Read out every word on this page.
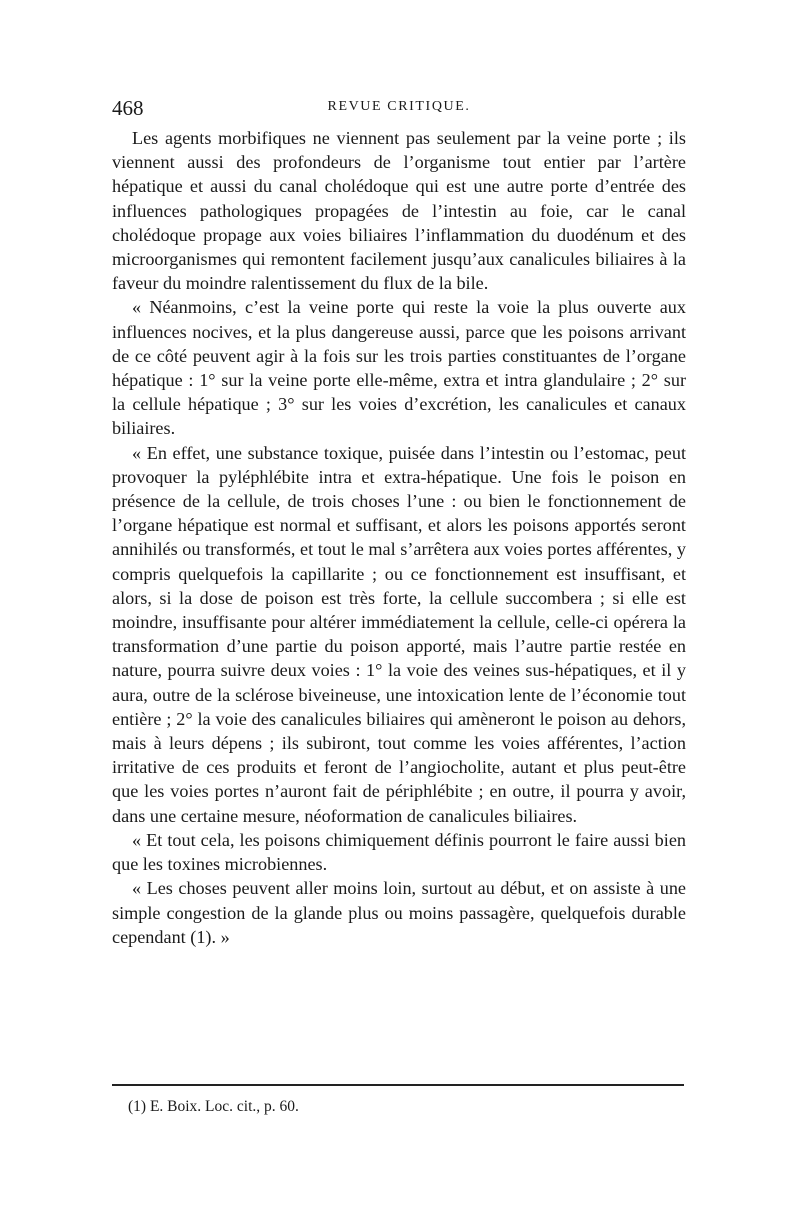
468	REVUE CRITIQUE.

Les agents morbifiques ne viennent pas seulement par la veine porte ; ils viennent aussi des profondeurs de l’organisme tout entier par l’artère hépatique et aussi du canal cholédoque qui est une autre porte d’entrée des influences pathologiques propagées de l’intestin au foie, car le canal cholédoque propage aux voies biliaires l’inflammation du duodénum et des microorganismes qui remontent facilement jusqu’aux canalicules biliaires à la faveur du moindre ralentissement du flux de la bile.

« Néanmoins, c’est la veine porte qui reste la voie la plus ouverte aux influences nocives, et la plus dangereuse aussi, parce que les poisons arrivant de ce côté peuvent agir à la fois sur les trois parties constituantes de l’organe hépatique : 1° sur la veine porte elle-même, extra et intra glandulaire ; 2° sur la cellule hépatique ; 3° sur les voies d’excrétion, les canalicules et canaux biliaires.

« En effet, une substance toxique, puisée dans l’intestin ou l’estomac, peut provoquer la pyléphlébite intra et extra-hépatique. Une fois le poison en présence de la cellule, de trois choses l’une : ou bien le fonctionnement de l’organe hépatique est normal et suffisant, et alors les poisons apportés seront annihilés ou transformés, et tout le mal s’arrêtera aux voies portes afférentes, y compris quelquefois la capillarite ; ou ce fonctionnement est insuffisant, et alors, si la dose de poison est très forte, la cellule succombera ; si elle est moindre, insuffisante pour altérer immédiatement la cellule, celle-ci opérera la transformation d’une partie du poison apporté, mais l’autre partie restée en nature, pourra suivre deux voies : 1° la voie des veines sus-hépatiques, et il y aura, outre de la sclérose biveineuse, une intoxication lente de l’économie tout entière ; 2° la voie des canalicules biliaires qui amèneront le poison au dehors, mais à leurs dépens ; ils subiront, tout comme les voies afférentes, l’action irritative de ces produits et feront de l’angiocholite, autant et plus peut-être que les voies portes n’auront fait de périphlébite ; en outre, il pourra y avoir, dans une certaine mesure, néoformation de canalicules biliaires.

« Et tout cela, les poisons chimiquement définis pourront le faire aussi bien que les toxines microbiennes.

« Les choses peuvent aller moins loin, surtout au début, et on assiste à une simple congestion de la glande plus ou moins passagère, quelquefois durable cependant (1). »

(1) E. Boix. Loc. cit., p. 60.
